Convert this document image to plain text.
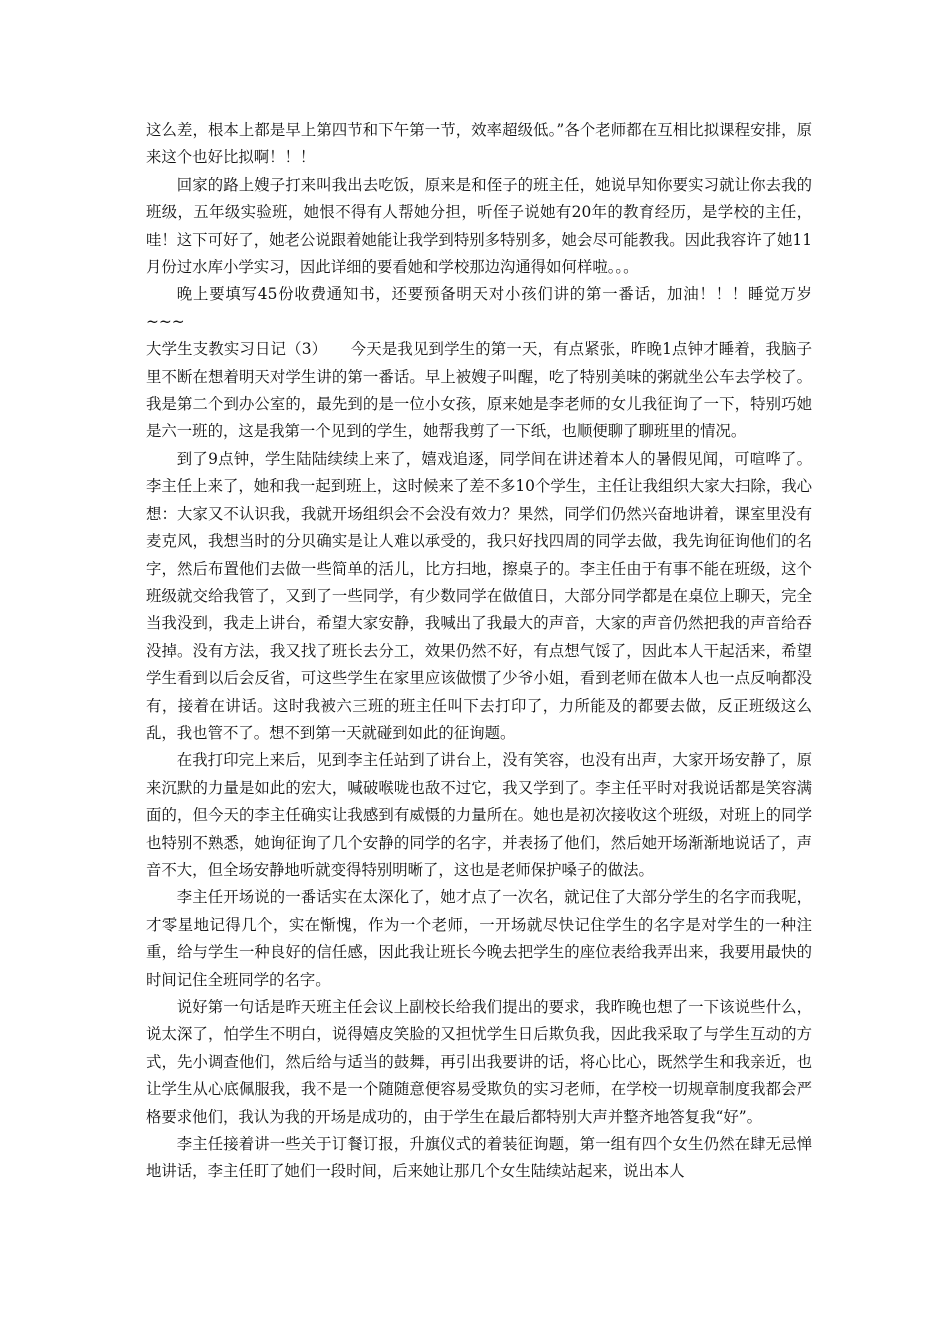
这么差，根本上都是早上第四节和下午第一节，效率超级低。”各个老师都在互相比拟课程安排，原来这个也好比拟啊！！！

回家的路上嫂子打来叫我出去吃饭，原来是和侄子的班主任，她说早知你要实习就让你去我的班级，五年级实验班，她恨不得有人帮她分担，听侄子说她有20年的教育经历，是学校的主任，哇！这下可好了，她老公说跟着她能让我学到特别多特别多，她会尽可能教我。因此我容许了她11月份过水库小学实习，因此详细的要看她和学校那边沟通得如何样啦。。。

晚上要填写45份收费通知书，还要预备明天对小孩们讲的第一番话，加油！！！睡觉万岁~~~

大学生支教实习日记（3）　　今天是我见到学生的第一天，有点紧张，昨晚1点钟才睡着，我脑子里不断在想着明天对学生讲的第一番话。早上被嫂子叫醒，吃了特别美味的粥就坐公车去学校了。我是第二个到办公室的，最先到的是一位小女孩，原来她是李老师的女儿我征询了一下，特别巧她是六一班的，这是我第一个见到的学生，她帮我剪了一下纸，也顺便聊了聊班里的情况。

到了9点钟，学生陆陆续续上来了，嬉戏追逐，同学间在讲述着本人的暑假见闻，可喧哗了。李主任上来了，她和我一起到班上，这时候来了差不多10个学生，主任让我组织大家大扫除，我心想：大家又不认识我，我就开场组织会不会没有效力？果然，同学们仍然兴奋地讲着，课室里没有麦克风，我想当时的分贝确实是让人难以承受的，我只好找四周的同学去做，我先询征询他们的名字，然后布置他们去做一些简单的活儿，比方扫地，擦桌子的。李主任由于有事不能在班级，这个班级就交给我管了，又到了一些同学，有少数同学在做值日，大部分同学都是在桌位上聊天，完全当我没到，我走上讲台，希望大家安静，我喊出了我最大的声音，大家的声音仍然把我的声音给吞没掉。没有方法，我又找了班长去分工，效果仍然不好，有点想气馁了，因此本人干起活来，希望学生看到以后会反省，可这些学生在家里应该做惯了少爷小姐，看到老师在做本人也一点反响都没有，接着在讲话。这时我被六三班的班主任叫下去打印了，力所能及的都要去做，反正班级这么乱，我也管不了。想不到第一天就碰到如此的征询题。

在我打印完上来后，见到李主任站到了讲台上，没有笑容，也没有出声，大家开场安静了，原来沉默的力量是如此的宏大，喊破喉咙也敌不过它，我又学到了。李主任平时对我说话都是笑容满面的，但今天的李主任确实让我感到有威慑的力量所在。她也是初次接收这个班级，对班上的同学也特别不熟悉，她询征询了几个安静的同学的名字，并表扬了他们，然后她开场渐渐地说话了，声音不大，但全场安静地听就变得特别明晰了，这也是老师保护嗓子的做法。

李主任开场说的一番话实在太深化了，她才点了一次名，就记住了大部分学生的名字而我呢，才零星地记得几个，实在惭愧，作为一个老师，一开场就尽快记住学生的名字是对学生的一种注重，给与学生一种良好的信任感，因此我让班长今晚去把学生的座位表给我弄出来，我要用最快的时间记住全班同学的名字。

说好第一句话是昨天班主任会议上副校长给我们提出的要求，我昨晚也想了一下该说些什么，说太深了，怕学生不明白，说得嬉皮笑脸的又担忧学生日后欺负我，因此我采取了与学生互动的方式，先小调查他们，然后给与适当的鼓舞，再引出我要讲的话，将心比心，既然学生和我亲近，也让学生从心底佩服我，我不是一个随随意便容易受欺负的实习老师，在学校一切规章制度我都会严格要求他们，我认为我的开场是成功的，由于学生在最后都特别大声并整齐地答复我“好”。

李主任接着讲一些关于订餐订报，升旗仪式的着装征询题，第一组有四个女生仍然在肆无忌惮地讲话，李主任盯了她们一段时间，后来她让那几个女生陆续站起来，说出本人
